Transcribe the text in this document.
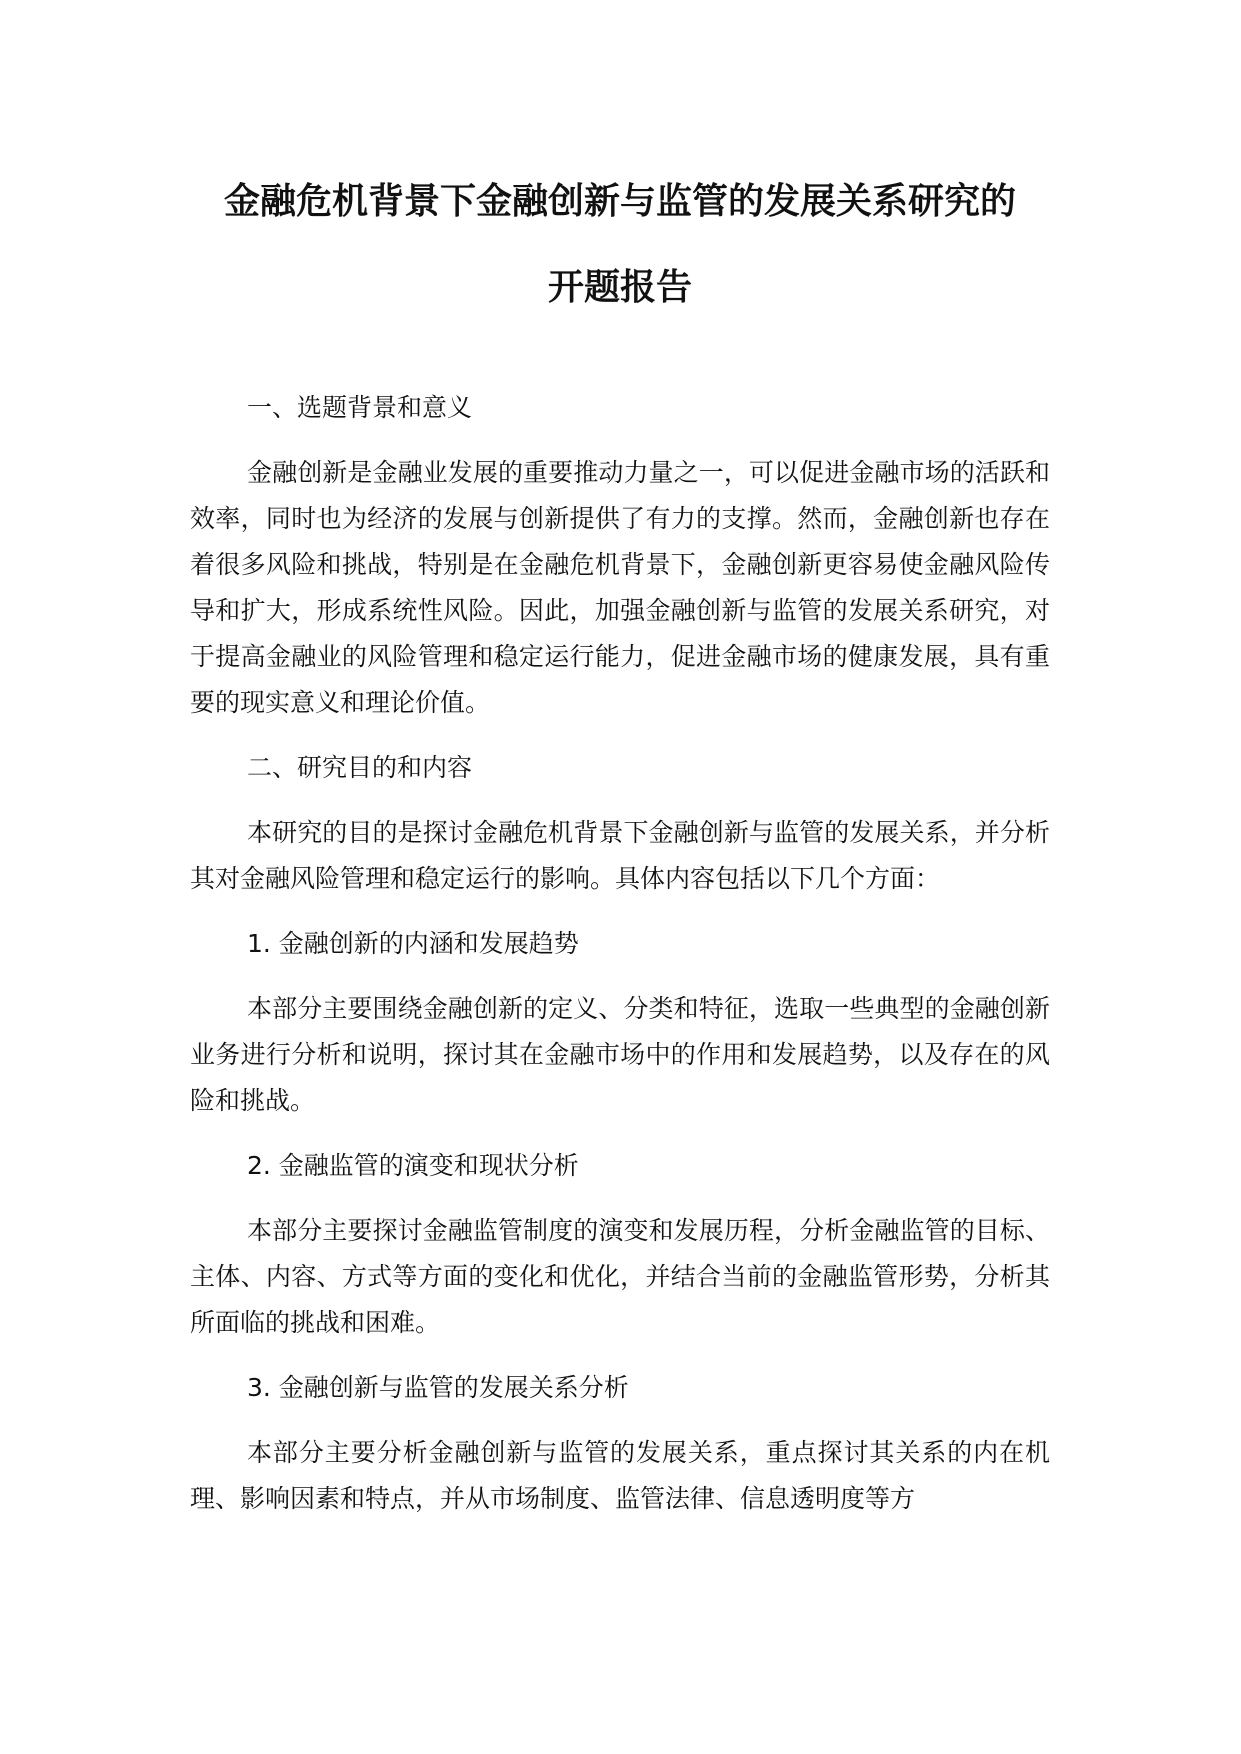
金融危机背景下金融创新与监管的发展关系研究的
开题报告

一、选题背景和意义

金融创新是金融业发展的重要推动力量之一，可以促进金融市场的活跃和效率，同时也为经济的发展与创新提供了有力的支撑。然而，金融创新也存在着很多风险和挑战，特别是在金融危机背景下，金融创新更容易使金融风险传导和扩大，形成系统性风险。因此，加强金融创新与监管的发展关系研究，对于提高金融业的风险管理和稳定运行能力，促进金融市场的健康发展，具有重要的现实意义和理论价值。

二、研究目的和内容

本研究的目的是探讨金融危机背景下金融创新与监管的发展关系，并分析其对金融风险管理和稳定运行的影响。具体内容包括以下几个方面：

1. 金融创新的内涵和发展趋势

本部分主要围绕金融创新的定义、分类和特征，选取一些典型的金融创新业务进行分析和说明，探讨其在金融市场中的作用和发展趋势，以及存在的风险和挑战。

2. 金融监管的演变和现状分析

本部分主要探讨金融监管制度的演变和发展历程，分析金融监管的目标、主体、内容、方式等方面的变化和优化，并结合当前的金融监管形势，分析其所面临的挑战和困难。

3. 金融创新与监管的发展关系分析

本部分主要分析金融创新与监管的发展关系，重点探讨其关系的内在机理、影响因素和特点，并从市场制度、监管法律、信息透明度等方
